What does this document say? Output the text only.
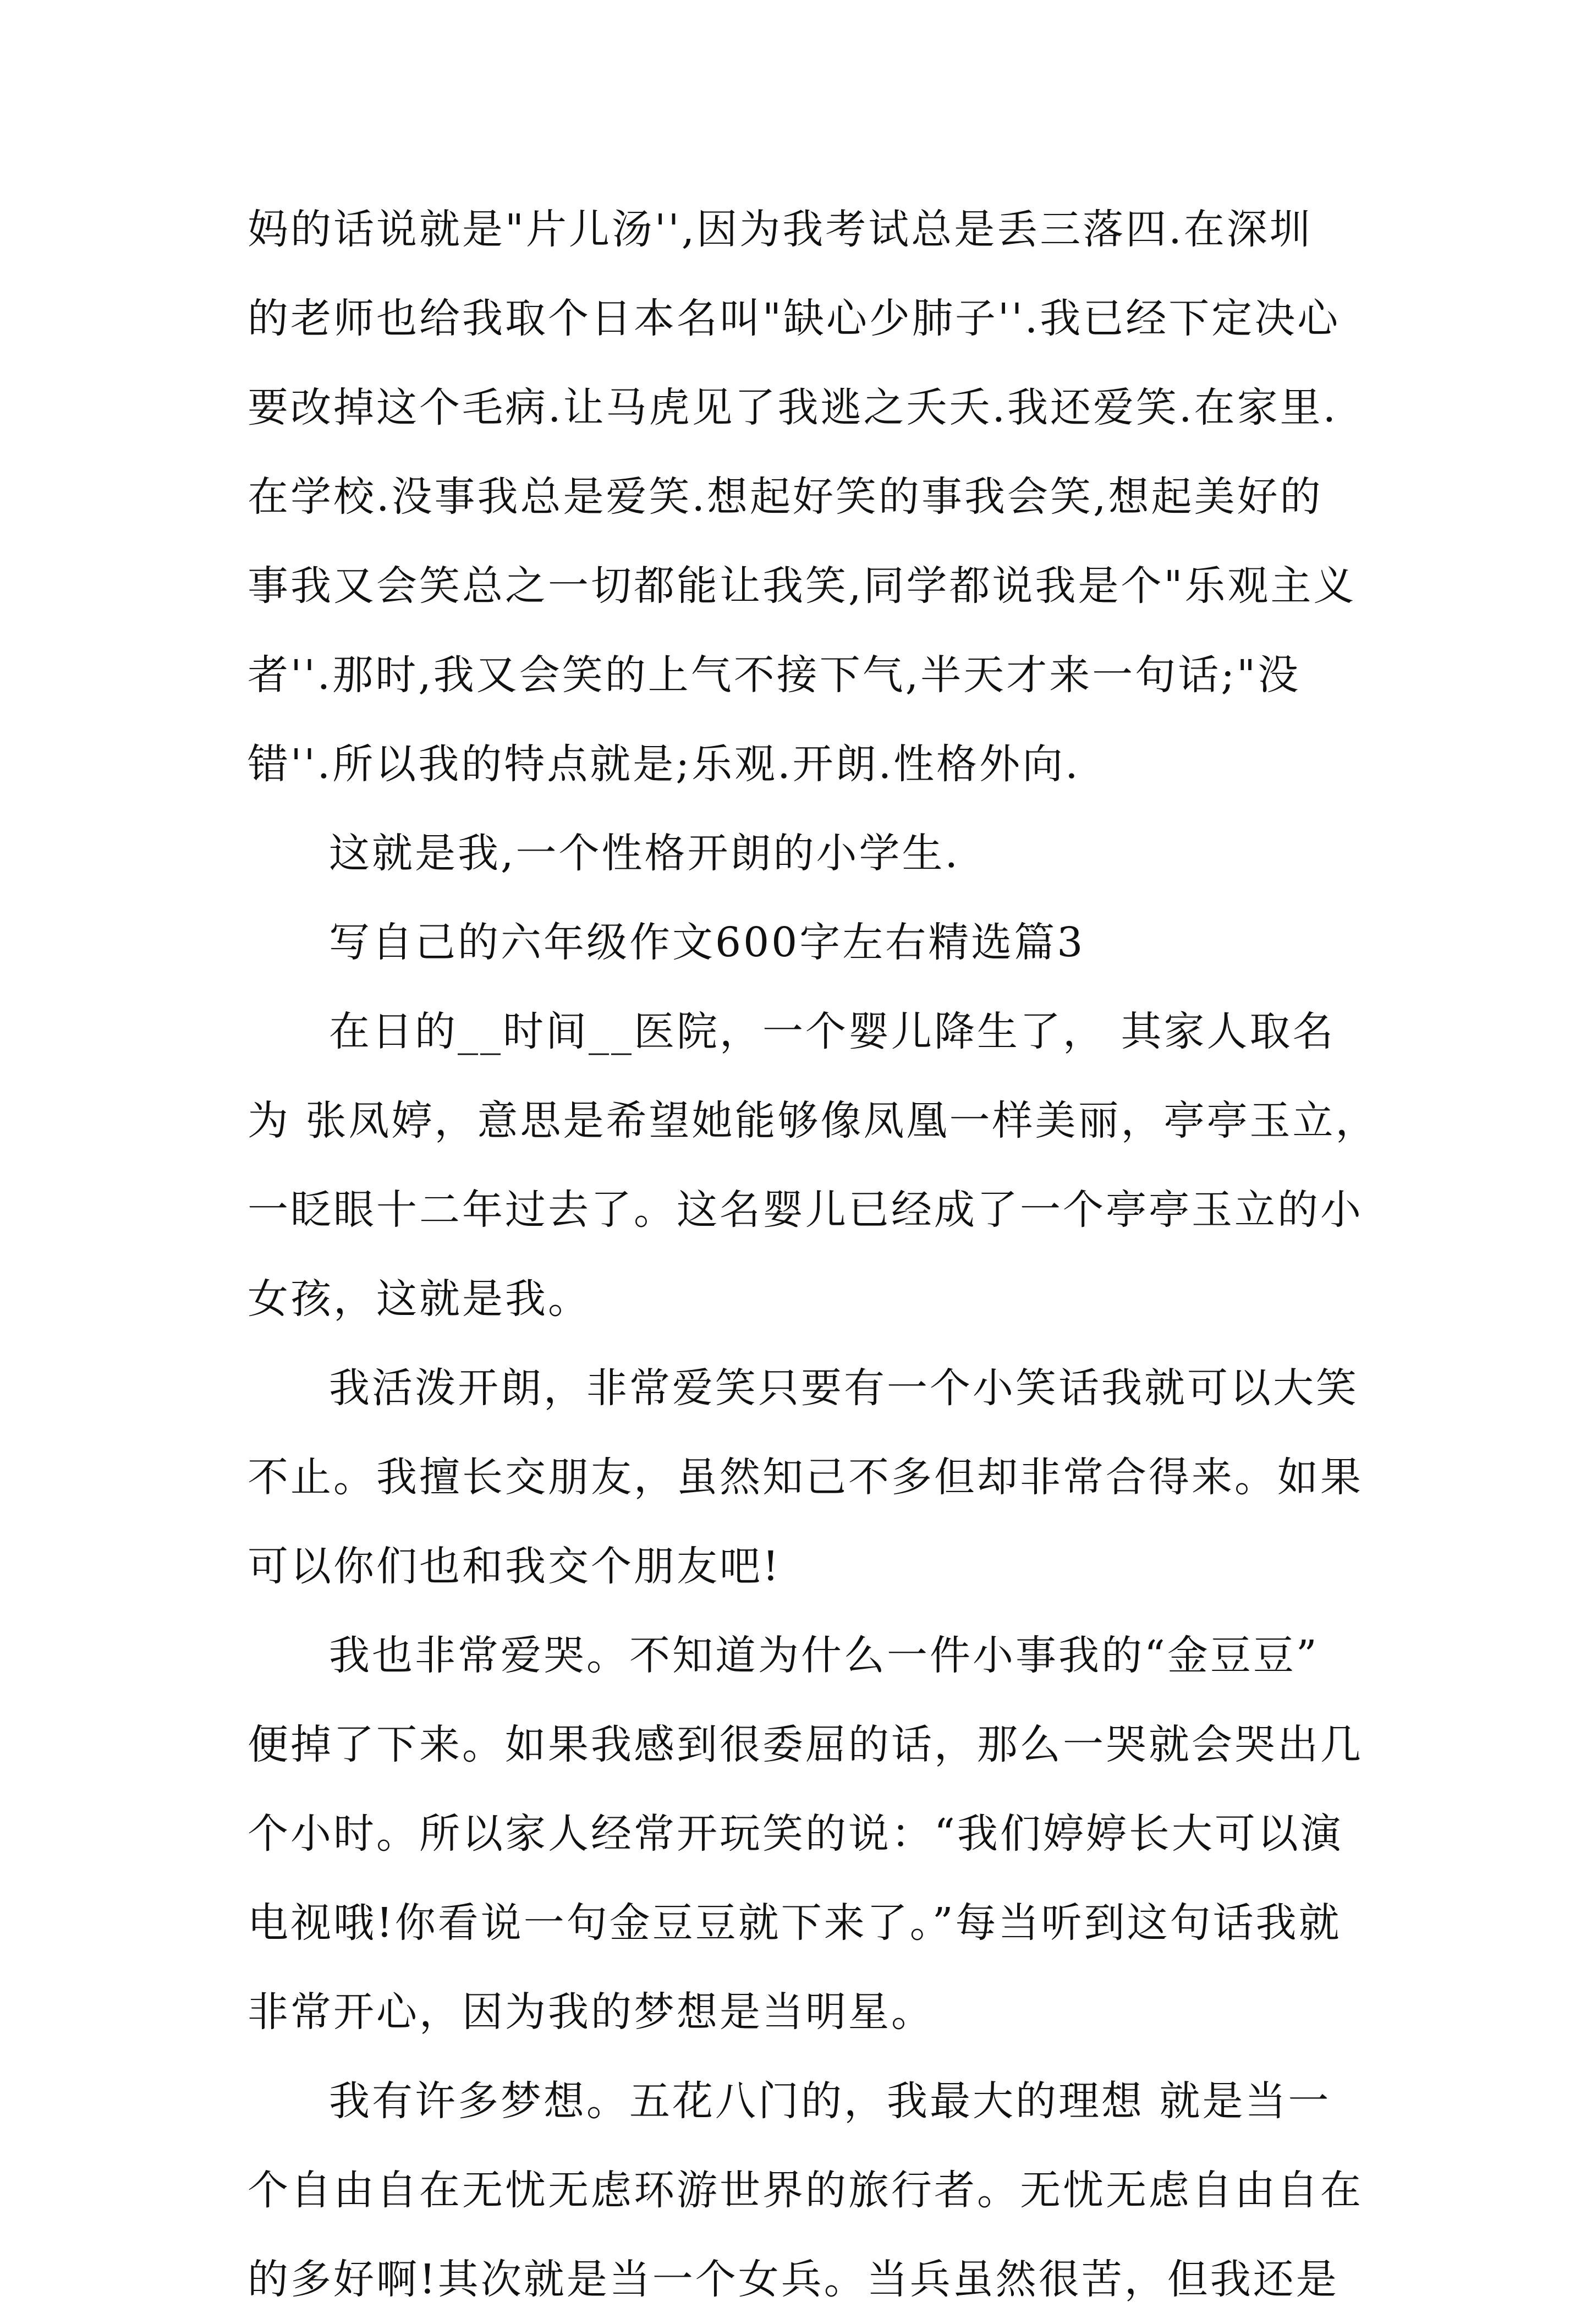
妈的话说就是"片儿汤'',因为我考试总是丢三落四.在深圳
的老师也给我取个日本名叫"缺心少肺子''.我已经下定决心
要改掉这个毛病.让马虎见了我逃之夭夭.我还爱笑.在家里.
在学校.没事我总是爱笑.想起好笑的事我会笑,想起美好的
事我又会笑总之一切都能让我笑,同学都说我是个"乐观主义
者''.那时,我又会笑的上气不接下气,半天才来一句话;"没
错''.所以我的特点就是;乐观.开朗.性格外向.

这就是我,一个性格开朗的小学生.

写自己的六年级作文600字左右精选篇3

在日的__时间__医院，一个婴儿降生了， 其家人取名
为 张凤婷，意思是希望她能够像凤凰一样美丽，亭亭玉立，
一眨眼十二年过去了。这名婴儿已经成了一个亭亭玉立的小
女孩，这就是我。

我活泼开朗，非常爱笑只要有一个小笑话我就可以大笑
不止。我擅长交朋友，虽然知己不多但却非常合得来。如果
可以你们也和我交个朋友吧!

我也非常爱哭。不知道为什么一件小事我的“金豆豆”
便掉了下来。如果我感到很委屈的话，那么一哭就会哭出几
个小时。所以家人经常开玩笑的说：“我们婷婷长大可以演
电视哦!你看说一句金豆豆就下来了。”每当听到这句话我就
非常开心，因为我的梦想是当明星。

我有许多梦想。五花八门的，我最大的理想 就是当一
个自由自在无忧无虑环游世界的旅行者。无忧无虑自由自在
的多好啊!其次就是当一个女兵。当兵虽然很苦，但我还是
